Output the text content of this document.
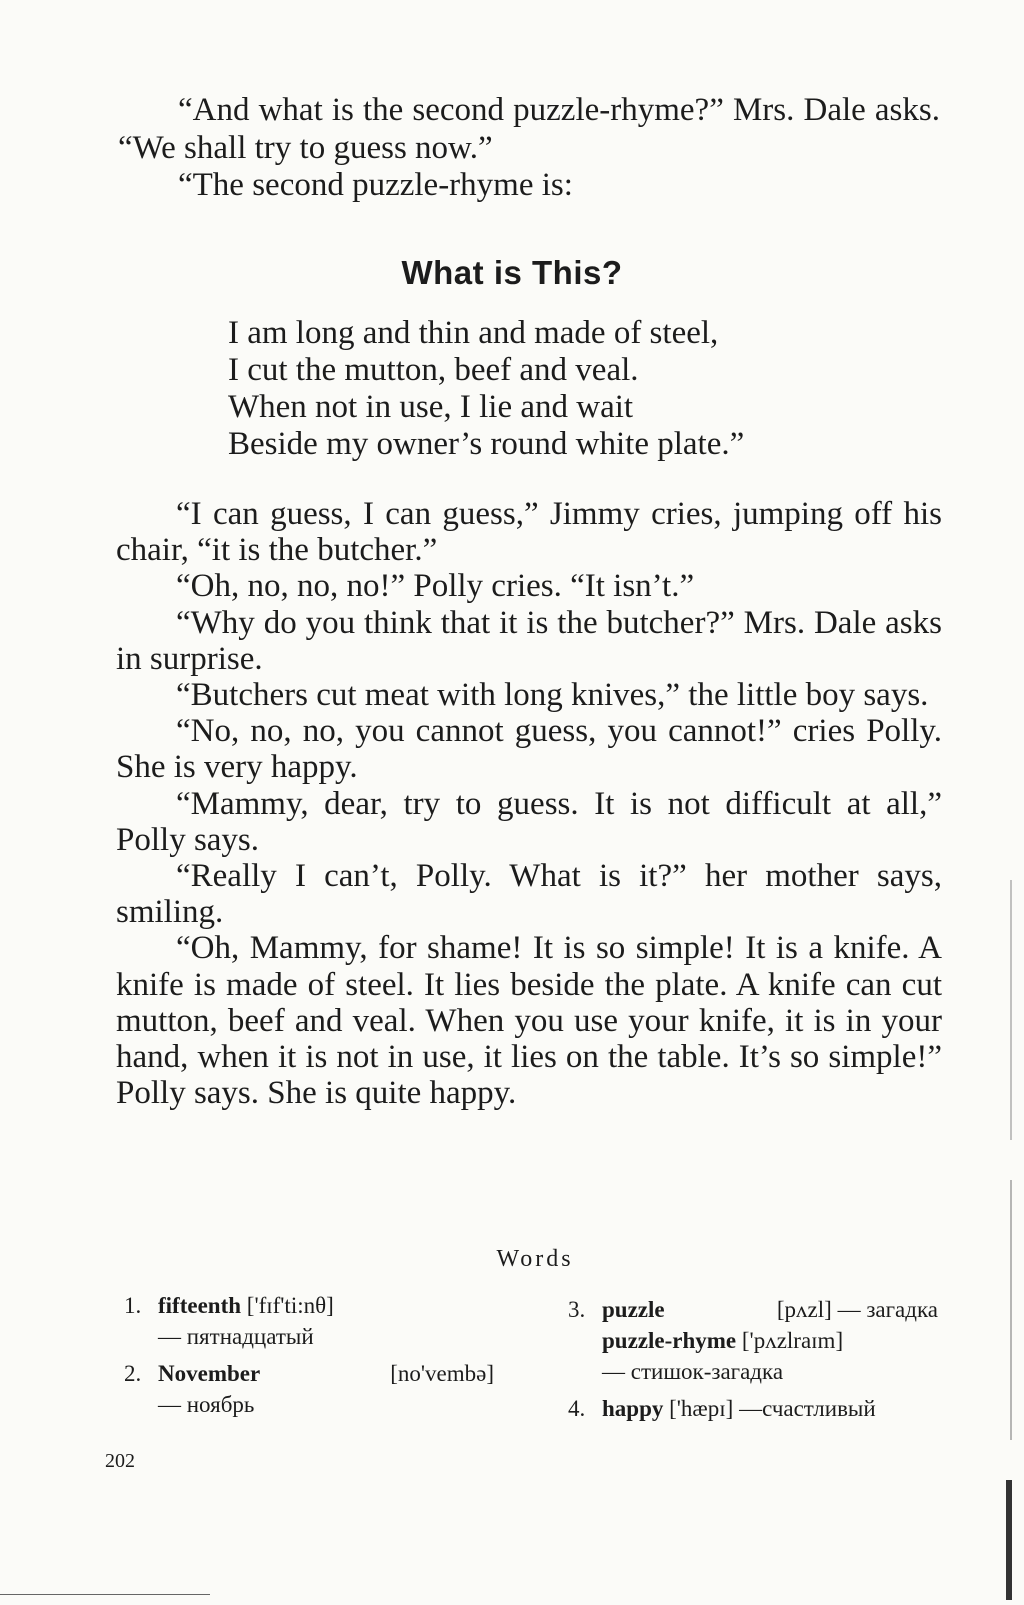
“And what is the second puzzle-rhyme?” Mrs. Dale asks. “We shall try to guess now.”

“The second puzzle-rhyme is:

What is This?
I am long and thin and made of steel,
I cut the mutton, beef and veal.
When not in use, I lie and wait
Beside my owner’s round white plate.”

“I can guess, I can guess,” Jimmy cries, jumping off his chair, “it is the butcher.”

“Oh, no, no, no!” Polly cries. “It isn’t.”

“Why do you think that it is the butcher?” Mrs. Dale asks in surprise.

“Butchers cut meat with long knives,” the little boy says.

“No, no, no, you cannot guess, you cannot!” cries Polly. She is very happy.

“Mammy, dear, try to guess. It is not difficult at all,” Polly says.

“Really I can’t, Polly. What is it?” her mother says, smiling.

“Oh, Mammy, for shame! It is so simple! It is a knife. A knife is made of steel. It lies beside the plate. A knife can cut mutton, beef and veal. When you use your knife, it is in your hand, when it is not in use, it lies on the table. It’s so simple!” Polly says. She is quite happy.

Words
1. fifteenth ['fɪf'ti:nθ]
— пятнадцатый
2. November	[no'vembə]
— ноябрь
3. puzzle	[pʌzl] — загадка
puzzle-rhyme ['pʌzlraɪm]
— стишок-загадка
4. happy ['hæpɪ] —счастливый
202
